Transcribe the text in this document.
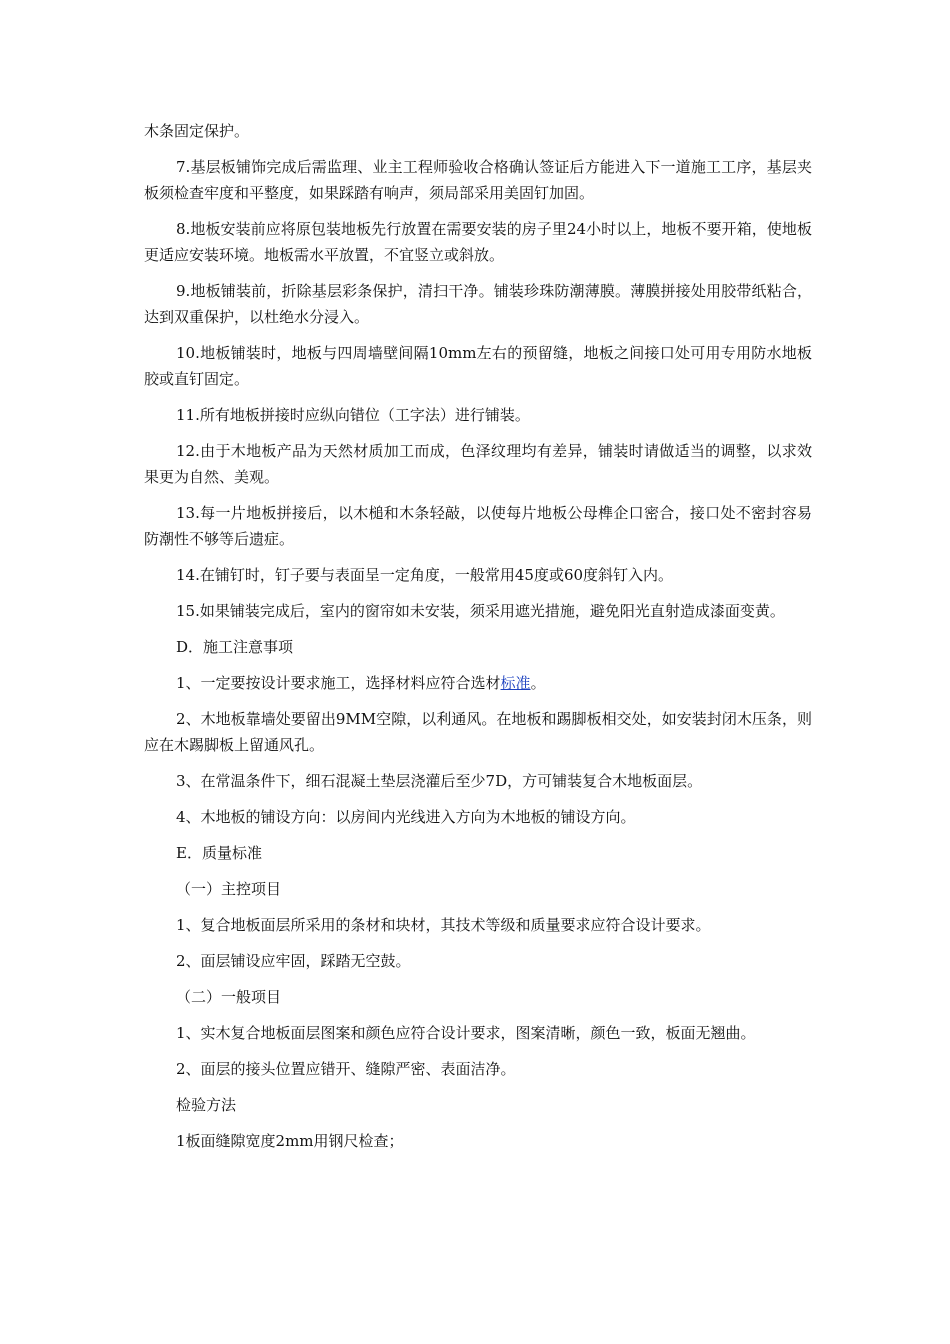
木条固定保护。

7.基层板铺饰完成后需监理、业主工程师验收合格确认签证后方能进入下一道施工工序，基层夹板须检查牢度和平整度，如果踩踏有响声，须局部采用美固钉加固。

8.地板安装前应将原包装地板先行放置在需要安装的房子里24小时以上，地板不要开箱，使地板更适应安装环境。地板需水平放置，不宜竖立或斜放。

9.地板铺装前，折除基层彩条保护，清扫干净。铺装珍珠防潮薄膜。薄膜拼接处用胶带纸粘合，达到双重保护，以杜绝水分浸入。

10.地板铺装时，地板与四周墙壁间隔10mm左右的预留缝，地板之间接口处可用专用防水地板胶或直钉固定。

11.所有地板拼接时应纵向错位（工字法）进行铺装。

12.由于木地板产品为天然材质加工而成，色泽纹理均有差异，铺装时请做适当的调整，以求效果更为自然、美观。

13.每一片地板拼接后，以木槌和木条轻敲，以使每片地板公母榫企口密合，接口处不密封容易防潮性不够等后遗症。

14.在铺钉时，钉子要与表面呈一定角度，一般常用45度或60度斜钉入内。

15.如果铺装完成后，室内的窗帘如未安装，须采用遮光措施，避免阳光直射造成漆面变黄。

D．施工注意事项

1、一定要按设计要求施工，选择材料应符合选材标准。

2、木地板靠墙处要留出9MM空隙，以利通风。在地板和踢脚板相交处，如安装封闭木压条，则应在木踢脚板上留通风孔。

3、在常温条件下，细石混凝土垫层浇灌后至少7D，方可铺装复合木地板面层。

4、木地板的铺设方向：以房间内光线进入方向为木地板的铺设方向。

E．质量标准

（一）主控项目

1、复合地板面层所采用的条材和块材，其技术等级和质量要求应符合设计要求。

2、面层铺设应牢固，踩踏无空鼓。

（二）一般项目

1、实木复合地板面层图案和颜色应符合设计要求，图案清晰，颜色一致，板面无翘曲。

2、面层的接头位置应错开、缝隙严密、表面洁净。

检验方法

1板面缝隙宽度2mm用钢尺检查；
